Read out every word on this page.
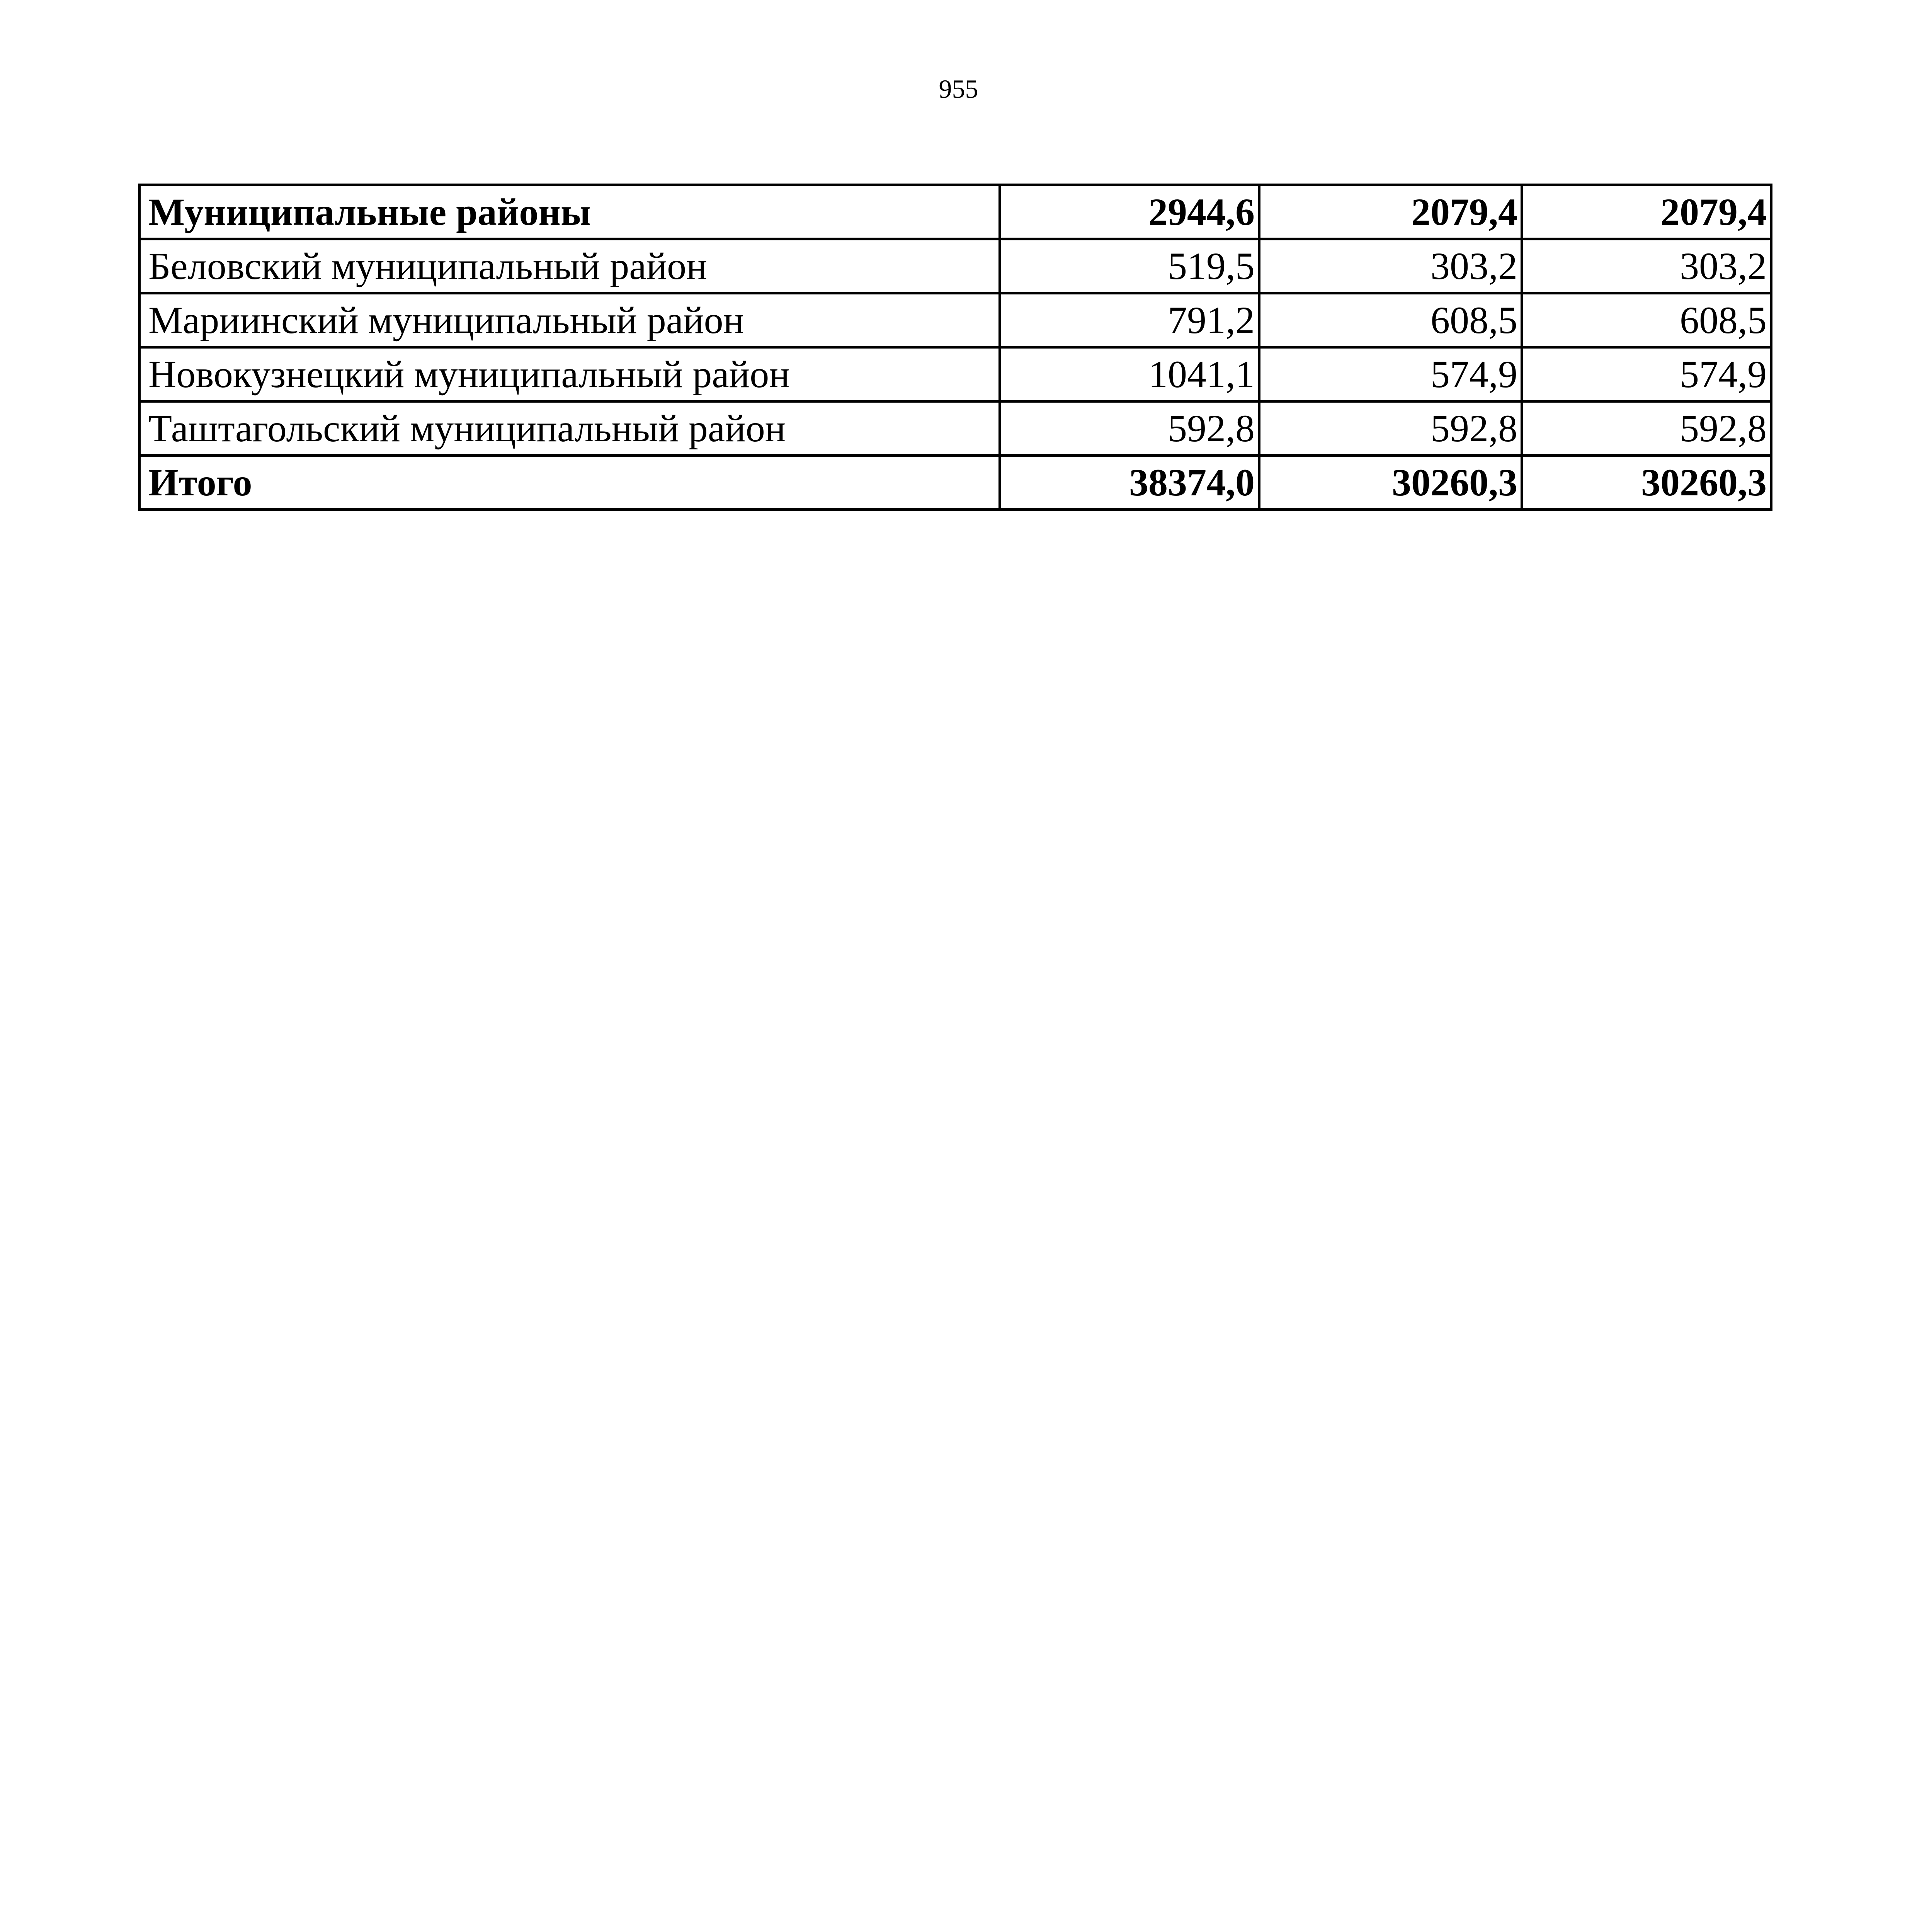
955
Муниципальные районы	2944,6	2079,4	2079,4
Беловский муниципальный район	519,5	303,2	303,2
Мариинский муниципальный район	791,2	608,5	608,5
Новокузнецкий муниципальный район	1041,1	574,9	574,9
Таштагольский муниципальный район	592,8	592,8	592,8
Итого	38374,0	30260,3	30260,3
